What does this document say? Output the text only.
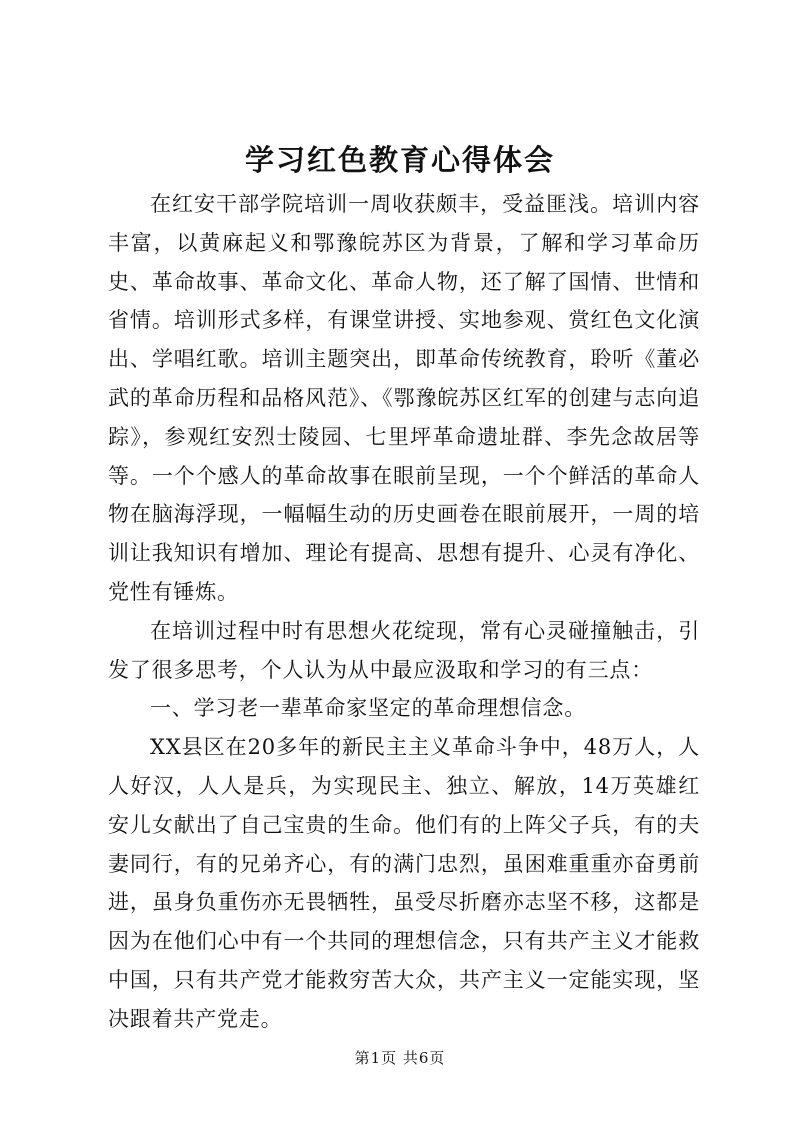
学习红色教育心得体会

在红安干部学院培训一周收获颇丰，受益匪浅。培训内容丰富，以黄麻起义和鄂豫皖苏区为背景，了解和学习革命历史、革命故事、革命文化、革命人物，还了解了国情、世情和省情。培训形式多样，有课堂讲授、实地参观、赏红色文化演出、学唱红歌。培训主题突出，即革命传统教育，聆听《董必武的革命历程和品格风范》、《鄂豫皖苏区红军的创建与志向追踪》，参观红安烈士陵园、七里坪革命遗址群、李先念故居等等。一个个感人的革命故事在眼前呈现，一个个鲜活的革命人物在脑海浮现，一幅幅生动的历史画卷在眼前展开，一周的培训让我知识有增加、理论有提高、思想有提升、心灵有净化、党性有锤炼。

在培训过程中时有思想火花绽现，常有心灵碰撞触击，引发了很多思考，个人认为从中最应汲取和学习的有三点：

一、学习老一辈革命家坚定的革命理想信念。

XX县区在20多年的新民主主义革命斗争中，48万人，人人好汉，人人是兵，为实现民主、独立、解放，14万英雄红安儿女献出了自己宝贵的生命。他们有的上阵父子兵，有的夫妻同行，有的兄弟齐心，有的满门忠烈，虽困难重重亦奋勇前进，虽身负重伤亦无畏牺牲，虽受尽折磨亦志坚不移，这都是因为在他们心中有一个共同的理想信念，只有共产主义才能救中国，只有共产党才能救穷苦大众，共产主义一定能实现，坚决跟着共产党走。

第1页 共6页
